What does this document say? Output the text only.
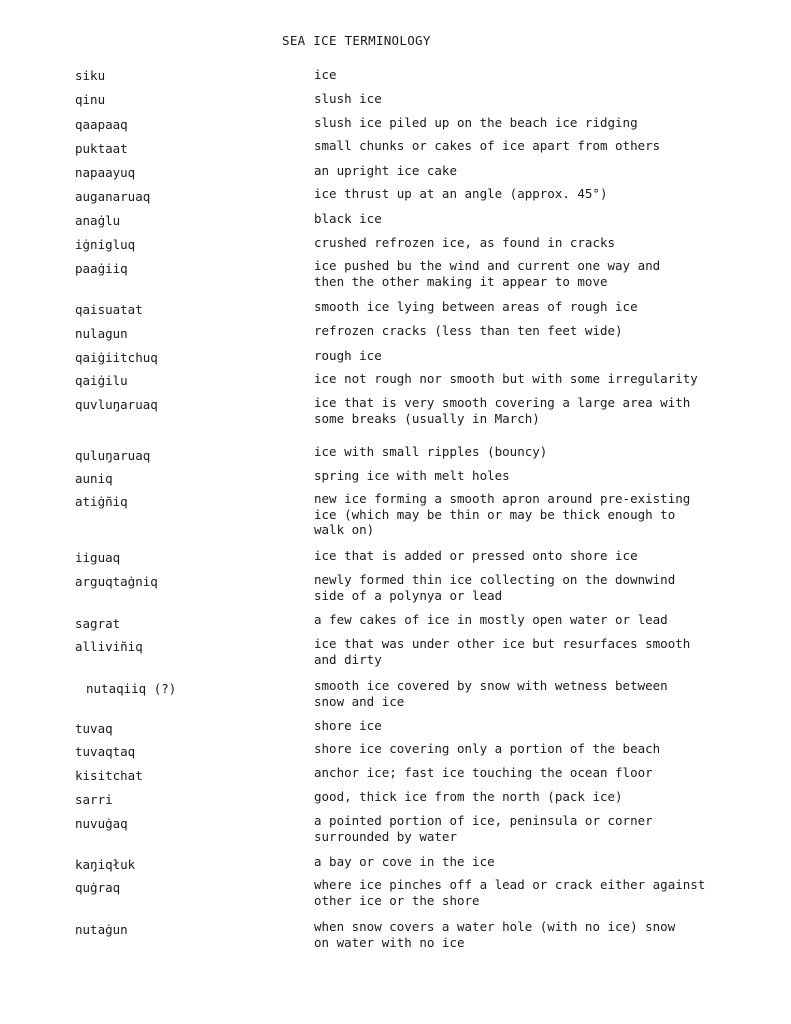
SEA ICE TERMINOLOGY
siku	ice
qinu	slush ice
qaapaaq	slush ice piled up on the beach ice ridging
puktaat	small chunks or cakes of ice apart from others
napaayuq	an upright ice cake
auganaruaq	ice thrust up at an angle (approx. 45°)
anaġlu	black ice
iġnigluq	crushed refrozen ice, as found in cracks
paaġiiq	ice pushed bu the wind and current one way and
then the other making it appear to move
qaisuatat	smooth ice lying between areas of rough ice
nulagun	refrozen cracks (less than ten feet wide)
qaiġiitchuq	rough ice
qaiġilu	ice not rough nor smooth but with some irregularity
quvluŋaruaq	ice that is very smooth covering a large area with
some breaks (usually in March)
quluŋaruaq	ice with small ripples (bouncy)
auniq	spring ice with melt holes
atiġñiq	new ice forming a smooth apron around pre-existing
ice (which may be thin or may be thick enough to
walk on)
iiguaq	ice that is added or pressed onto shore ice
arguqtaġniq	newly formed thin ice collecting on the downwind
side of a polynya or lead
sagrat	a few cakes of ice in mostly open water or lead
alliviñiq	ice that was under other ice but resurfaces smooth
and dirty
nutaqiiq (?)	smooth ice covered by snow with wetness between
snow and ice
tuvaq	shore ice
tuvaqtaq	shore ice covering only a portion of the beach
kisitchat	anchor ice; fast ice touching the ocean floor
sarri	good, thick ice from the north (pack ice)
nuvuġaq	a pointed portion of ice, peninsula or corner
surrounded by water
kaŋiqłuk	a bay or cove in the ice
quġraq	where ice pinches off a lead or crack either against
other ice or the shore
nutaġun	when snow covers a water hole (with no ice) snow
on water with no ice
